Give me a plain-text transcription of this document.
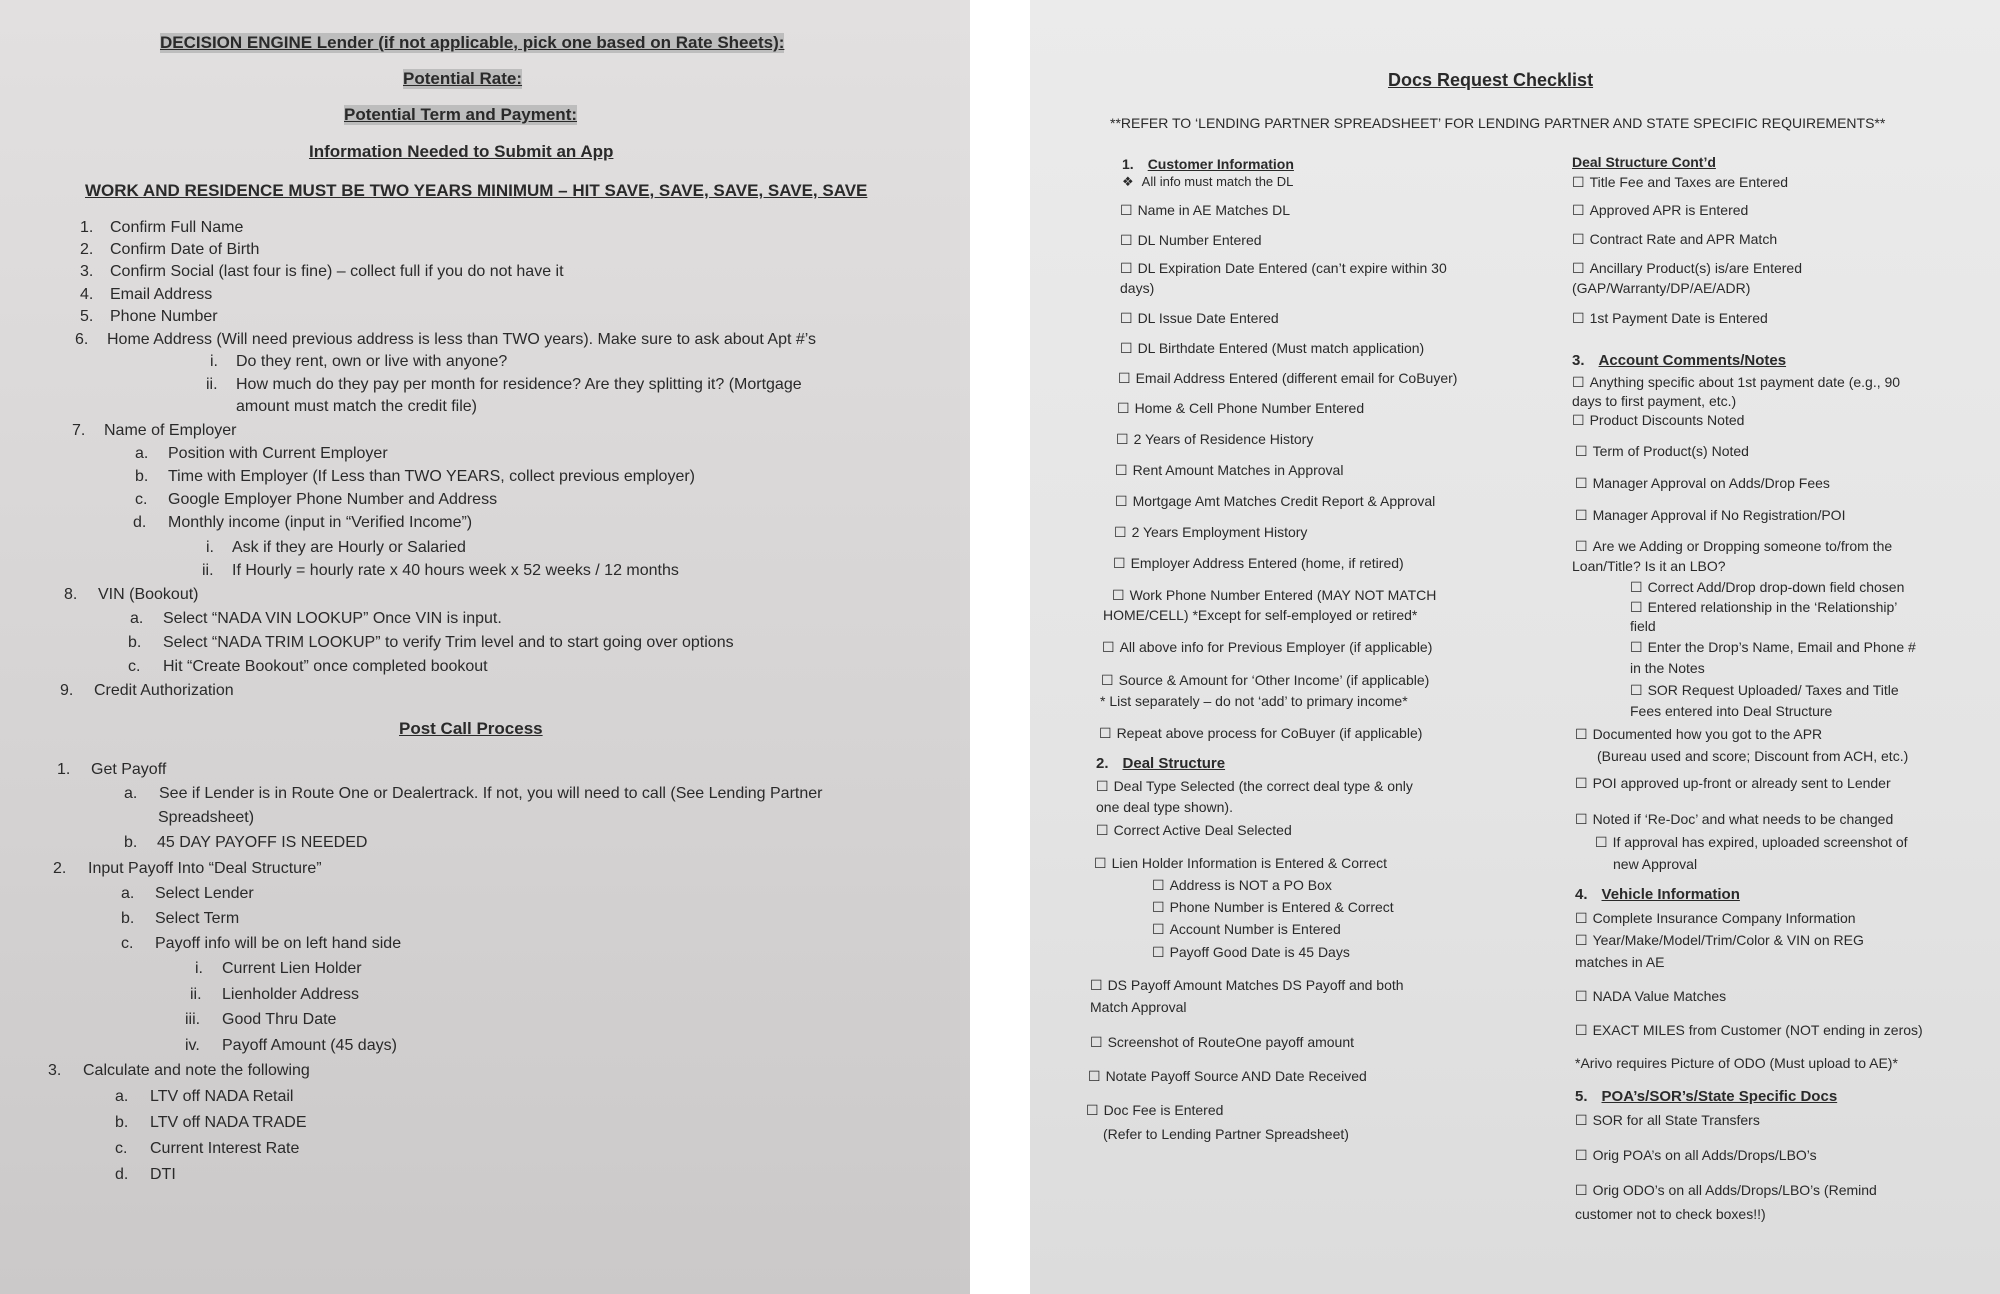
DECISION ENGINE Lender (if not applicable, pick one based on Rate Sheets):
Potential Rate:
Potential Term and Payment:
Information Needed to Submit an App
WORK AND RESIDENCE MUST BE TWO YEARS MINIMUM – HIT SAVE, SAVE, SAVE, SAVE, SAVE
1. Confirm Full Name
2. Confirm Date of Birth
3. Confirm Social (last four is fine) – collect full if you do not have it
4. Email Address
5. Phone Number
6. Home Address (Will need previous address is less than TWO years). Make sure to ask about Apt #’s
i. Do they rent, own or live with anyone?
ii. How much do they pay per month for residence? Are they splitting it? (Mortgage
amount must match the credit file)
7. Name of Employer
a. Position with Current Employer
b. Time with Employer (If Less than TWO YEARS, collect previous employer)
c. Google Employer Phone Number and Address
d. Monthly income (input in “Verified Income”)
i. Ask if they are Hourly or Salaried
ii. If Hourly = hourly rate x 40 hours week x 52 weeks / 12 months
8. VIN (Bookout)
a. Select “NADA VIN LOOKUP” Once VIN is input.
b. Select “NADA TRIM LOOKUP” to verify Trim level and to start going over options
c. Hit “Create Bookout” once completed bookout
9. Credit Authorization
Post Call Process
1. Get Payoff
a. See if Lender is in Route One or Dealertrack. If not, you will need to call (See Lending Partner
Spreadsheet)
b. 45 DAY PAYOFF IS NEEDED
2. Input Payoff Into “Deal Structure”
a. Select Lender
b. Select Term
c. Payoff info will be on left hand side
i. Current Lien Holder
ii. Lienholder Address
iii. Good Thru Date
iv. Payoff Amount (45 days)
3. Calculate and note the following
a. LTV off NADA Retail
b. LTV off NADA TRADE
c. Current Interest Rate
d. DTI
Docs Request Checklist
**REFER TO ‘LENDING PARTNER SPREADSHEET’ FOR LENDING PARTNER AND STATE SPECIFIC REQUIREMENTS**
1. Customer Information
❖ All info must match the DL
☐ Name in AE Matches DL
☐ DL Number Entered
☐ DL Expiration Date Entered (can’t expire within 30
days)
☐ DL Issue Date Entered
☐ DL Birthdate Entered (Must match application)
☐ Email Address Entered (different email for CoBuyer)
☐ Home & Cell Phone Number Entered
☐ 2 Years of Residence History
☐ Rent Amount Matches in Approval
☐ Mortgage Amt Matches Credit Report & Approval
☐ 2 Years Employment History
☐ Employer Address Entered (home, if retired)
☐ Work Phone Number Entered (MAY NOT MATCH
HOME/CELL) *Except for self-employed or retired*
☐ All above info for Previous Employer (if applicable)
☐ Source & Amount for ‘Other Income’ (if applicable)
* List separately – do not ‘add’ to primary income*
☐ Repeat above process for CoBuyer (if applicable)
2. Deal Structure
☐ Deal Type Selected (the correct deal type & only
one deal type shown).
☐ Correct Active Deal Selected
☐ Lien Holder Information is Entered & Correct
☐ Address is NOT a PO Box
☐ Phone Number is Entered & Correct
☐ Account Number is Entered
☐ Payoff Good Date is 45 Days
☐ DS Payoff Amount Matches DS Payoff and both
Match Approval
☐ Screenshot of RouteOne payoff amount
☐ Notate Payoff Source AND Date Received
☐ Doc Fee is Entered
(Refer to Lending Partner Spreadsheet)
Deal Structure Cont’d
☐ Title Fee and Taxes are Entered
☐ Approved APR is Entered
☐ Contract Rate and APR Match
☐ Ancillary Product(s) is/are Entered
(GAP/Warranty/DP/AE/ADR)
☐ 1st Payment Date is Entered
3. Account Comments/Notes
☐ Anything specific about 1st payment date (e.g., 90
days to first payment, etc.)
☐ Product Discounts Noted
☐ Term of Product(s) Noted
☐ Manager Approval on Adds/Drop Fees
☐ Manager Approval if No Registration/POI
☐ Are we Adding or Dropping someone to/from the
Loan/Title? Is it an LBO?
☐ Correct Add/Drop drop-down field chosen
☐ Entered relationship in the ‘Relationship’
field
☐ Enter the Drop’s Name, Email and Phone #
in the Notes
☐ SOR Request Uploaded/ Taxes and Title
Fees entered into Deal Structure
☐ Documented how you got to the APR
(Bureau used and score; Discount from ACH, etc.)
☐ POI approved up-front or already sent to Lender
☐ Noted if ‘Re-Doc’ and what needs to be changed
☐ If approval has expired, uploaded screenshot of
new Approval
4. Vehicle Information
☐ Complete Insurance Company Information
☐ Year/Make/Model/Trim/Color & VIN on REG
matches in AE
☐ NADA Value Matches
☐ EXACT MILES from Customer (NOT ending in zeros)
*Arivo requires Picture of ODO (Must upload to AE)*
5. POA’s/SOR’s/State Specific Docs
☐ SOR for all State Transfers
☐ Orig POA’s on all Adds/Drops/LBO’s
☐ Orig ODO’s on all Adds/Drops/LBO’s (Remind
customer not to check boxes!!)
